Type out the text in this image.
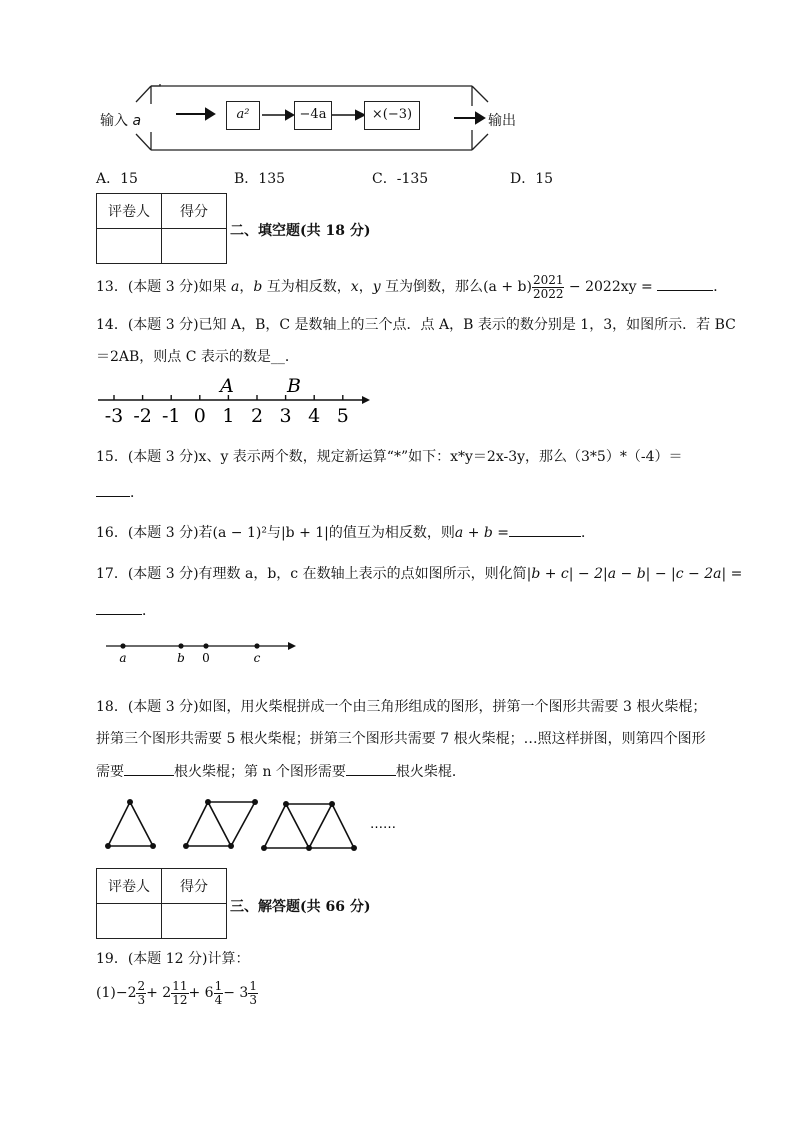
输入 a	a²	−4a	×(−3)	输出
A．15	B．135	C．-135	D．15
评卷人	得分

二、填空题(共 18 分)
13．(本题 3 分)如果 a，b 互为相反数，x，y 互为倒数，那么$(a + b) \frac{2021}{2022} - 2022xy$ =	．
14．(本题 3 分)已知 A，B，C 是数轴上的三个点．点 A，B 表示的数分别是 1，3，如图所示．若 BC
＝2AB，则点 C 表示的数是__．
-3 -2 -1 0 1 2 3 4 5
A	B
15．(本题 3 分)x、y 表示两个数，规定新运算“*”如下：x*y＝2x-3y，那么（3*5）*（-4）＝
．
16．(本题 3 分)若(a − 1)²与|b + 1|的值互为相反数，则a + b =	．
17．(本题 3 分)有理数 a，b，c 在数轴上表示的点如图所示，则化简|b + c| − 2|a − b| − |c − 2a| =
．
a	b 0	c
18．(本题 3 分)如图，用火柴棍拼成一个由三角形组成的图形，拼第一个图形共需要 3 根火柴棍；
拼第三个图形共需要 5 根火柴棍；拼第三个图形共需要 7 根火柴棍；…照这样拼图，则第四个图形
需要	根火柴棍；第 n 个图形需要	根火柴棍．
……
评卷人	得分

三、解答题(共 66 分)
19．(本题 12 分)计算：
$(1)-2 \frac{2}{3} + 2 \frac{11}{12} + 6 \frac{1}{4} - 3 \frac{1}{3}$
